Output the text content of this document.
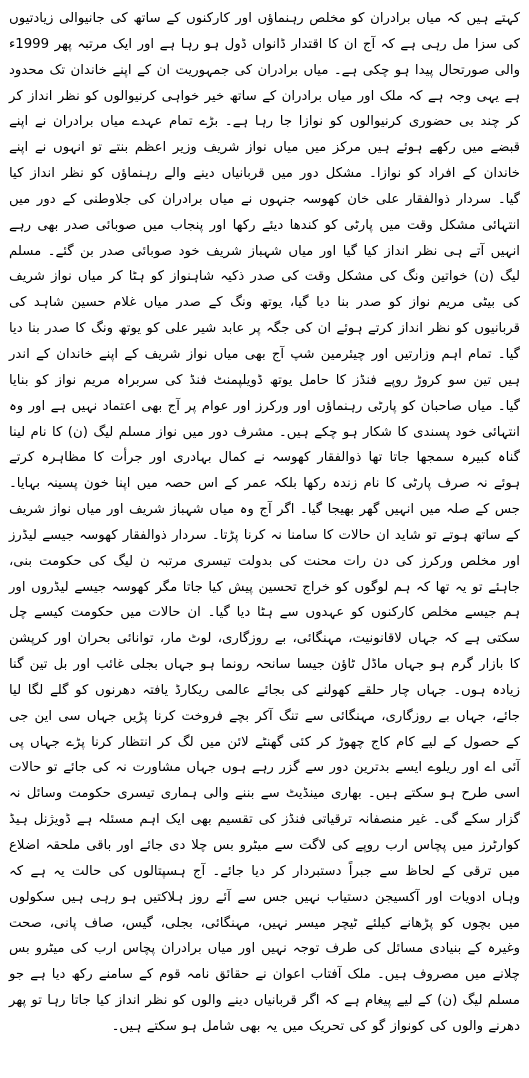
کہتے ہیں کہ میاں برادران کو مخلص رہنماؤں اور کارکنوں کے ساتھ کی جانیوالی زیادتیوں کی سزا مل رہی ہے کہ آج ان کا اقتدار ڈانواں ڈول ہو رہا ہے اور ایک مرتبہ پھر 1999ء والی صورتحال پیدا ہو چکی ہے۔ میاں برادران کی جمہوریت ان کے اپنے خاندان تک محدود ہے یہی وجہ ہے کہ ملک اور میاں برادران کے ساتھ خیر خواہی کرنیوالوں کو نظر انداز کر کر چند بی حضوری کرنیوالوں کو نوازا جا رہا ہے۔ بڑے تمام عہدے میاں برادران نے اپنے قبضے میں رکھے ہوئے ہیں مرکز میں میاں نواز شریف وزیر اعظم بنتے تو انہوں نے اپنے خاندان کے افراد کو نوازا۔ مشکل دور میں قربانیاں دینے والے رہنماؤں کو نظر انداز کیا گیا۔ سردار ذوالفقار علی خان کھوسہ جنہوں نے میاں برادران کی جلاوطنی کے دور میں انتہائی مشکل وقت میں پارٹی کو کندھا دیئے رکھا اور پنجاب میں صوبائی صدر بھی رہے انہیں آتے ہی نظر انداز کیا گیا اور میاں شہباز شریف خود صوبائی صدر بن گئے۔ مسلم لیگ (ن) خواتین ونگ کی مشکل وقت کی صدر ذکیہ شاہنواز کو ہٹا کر میاں نواز شریف کی بیٹی مریم نواز کو صدر بنا دیا گیا، یوتھ ونگ کے صدر میاں غلام حسین شاہد کی قربانیوں کو نظر انداز کرتے ہوئے ان کی جگہ پر عابد شیر علی کو یوتھ ونگ کا صدر بنا دیا گیا۔ تمام اہم وزارتیں اور چیئرمین شپ آج بھی میاں نواز شریف کے اپنے خاندان کے اندر ہیں تین سو کروڑ روپے فنڈز کا حامل یوتھ ڈویلپمنٹ فنڈ کی سربراہ مریم نواز کو بنایا گیا۔ میاں صاحبان کو پارٹی رہنماؤں اور ورکرز اور عوام پر آج بھی اعتماد نہیں ہے اور وہ انتہائی خود پسندی کا شکار ہو چکے ہیں۔ مشرف دور میں نواز مسلم لیگ (ن) کا نام لینا گناہ کبیرہ سمجھا جاتا تھا ذوالفقار کھوسہ نے کمال بہادری اور جرأت کا مظاہرہ کرتے ہوئے نہ صرف پارٹی کا نام زندہ رکھا بلکہ عمر کے اس حصہ میں اپنا خون پسینہ بہایا۔ جس کے صلہ میں انہیں گھر بھیجا گیا۔ اگر آج وہ میاں شہباز شریف اور میاں نواز شریف کے ساتھ ہوتے تو شاید ان حالات کا سامنا نہ کرنا پڑتا۔ سردار ذوالفقار کھوسہ جیسے لیڈرز اور مخلص ورکرز کی دن رات محنت کی بدولت تیسری مرتبہ ن لیگ کی حکومت بنی، جاہئے تو یہ تھا کہ ہم لوگوں کو خراج تحسین پیش کیا جاتا مگر کھوسہ جیسے لیڈروں اور ہم جیسے مخلص کارکنوں کو عہدوں سے ہٹا دیا گیا۔ ان حالات میں حکومت کیسے چل سکتی ہے کہ جہاں لاقانونیت، مہنگائی، بے روزگاری، لوٹ مار، توانائی بحران اور کرپشن کا بازار گرم ہو جہاں ماڈل ٹاؤن جیسا سانحہ رونما ہو جہاں بجلی غائب اور بل تین گنا زیادہ ہوں۔ جہاں چار حلقے کھولنے کی بجائے عالمی ریکارڈ یافتہ دھرنوں کو گلے لگا لیا جائے، جہاں بے روزگاری، مہنگائی سے تنگ آکر بچے فروخت کرنا پڑیں جہاں سی این جی کے حصول کے لیے کام کاج چھوڑ کر کئی گھنٹے لائن میں لگ کر انتظار کرنا پڑے جہاں پی آئی اے اور ریلوے ایسے بدترین دور سے گزر رہے ہوں جہاں مشاورت نہ کی جائے تو حالات اسی طرح ہو سکتے ہیں۔ بھاری مینڈیٹ سے بننے والی ہماری تیسری حکومت وسائل نہ گزار سکے گی۔ غیر منصفانہ ترقیاتی فنڈز کی تقسیم بھی ایک اہم مسئلہ ہے ڈویژنل ہیڈ کوارٹرز میں پچاس ارب روپے کی لاگت سے میٹرو بس چلا دی جائے اور باقی ملحقہ اضلاع میں ترقی کے لحاظ سے جبراً دستبردار کر دیا جائے۔ آج ہسپتالوں کی حالت یہ ہے کہ وہاں ادویات اور آکسیجن دستیاب نہیں جس سے آئے روز ہلاکتیں ہو رہی ہیں سکولوں میں بچوں کو پڑھانے کیلئے ٹیچر میسر نہیں، مہنگائی، بجلی، گیس، صاف پانی، صحت وغیرہ کے بنیادی مسائل کی طرف توجہ نہیں اور میاں برادران پچاس ارب کی میٹرو بس چلانے میں مصروف ہیں۔ ملک آفتاب اعوان نے حقائق نامہ قوم کے سامنے رکھ دیا ہے جو مسلم لیگ (ن) کے لیے پیغام ہے کہ اگر قربانیاں دینے والوں کو نظر انداز کیا جاتا رہا تو پھر دھرنے والوں کی کونواز گو کی تحریک میں یہ بھی شامل ہو سکتے ہیں۔
